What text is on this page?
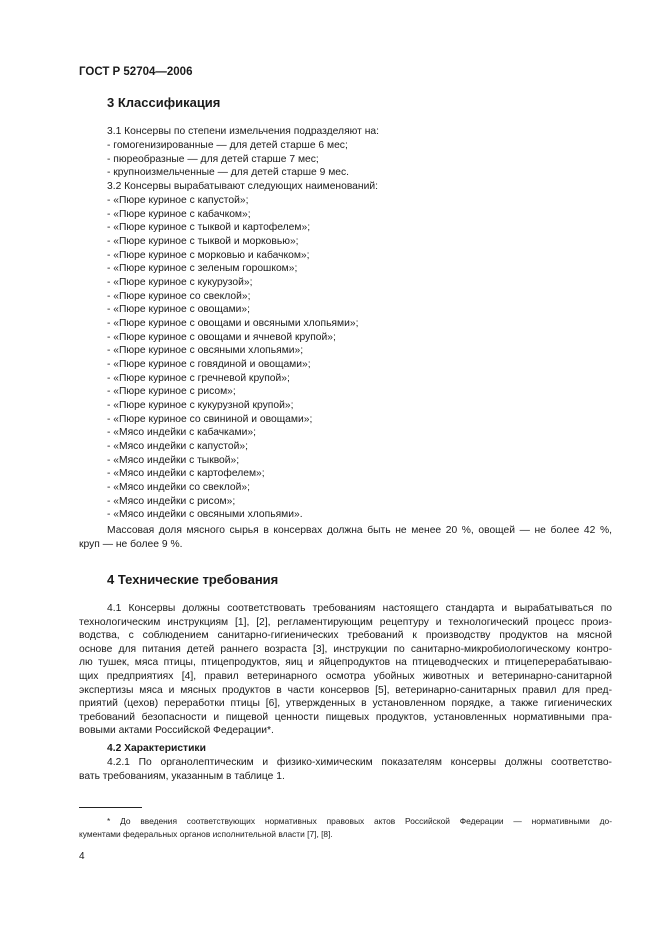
ГОСТ Р 52704—2006
3 Классификация
3.1 Консервы по степени измельчения подразделяют на:
- гомогенизированные — для детей старше 6 мес;
- пюреобразные — для детей старше 7 мес;
- крупноизмельченные — для детей старше 9 мес.
3.2 Консервы вырабатывают следующих наименований:
- «Пюре куриное с капустой»;
- «Пюре куриное с кабачком»;
- «Пюре куриное с тыквой и картофелем»;
- «Пюре куриное с тыквой и морковью»;
- «Пюре куриное с морковью и кабачком»;
- «Пюре куриное с зеленым горошком»;
- «Пюре куриное с кукурузой»;
- «Пюре куриное со свеклой»;
- «Пюре куриное с овощами»;
- «Пюре куриное с овощами и овсяными хлопьями»;
- «Пюре куриное с овощами и ячневой крупой»;
- «Пюре куриное с овсяными хлопьями»;
- «Пюре куриное с говядиной и овощами»;
- «Пюре куриное с гречневой крупой»;
- «Пюре куриное с рисом»;
- «Пюре куриное с кукурузной крупой»;
- «Пюре куриное со свининой и овощами»;
- «Мясо индейки с кабачками»;
- «Мясо индейки с капустой»;
- «Мясо индейки с тыквой»;
- «Мясо индейки с картофелем»;
- «Мясо индейки со свеклой»;
- «Мясо индейки с рисом»;
- «Мясо индейки с овсяными хлопьями».
Массовая доля мясного сырья в консервах должна быть не менее 20 %, овощей — не более 42 %,
круп — не более 9 %.
4 Технические требования
4.1 Консервы должны соответствовать требованиям настоящего стандарта и вырабатываться по
технологическим инструкциям [1], [2], регламентирующим рецептуру и технологический процесс произ-
водства, с соблюдением санитарно-гигиенических требований к производству продуктов на мясной
основе для питания детей раннего возраста [3], инструкции по санитарно-микробиологическому контро-
лю тушек, мяса птицы, птицепродуктов, яиц и яйцепродуктов на птицеводческих и птицеперерабатываю-
щих предприятиях [4], правил ветеринарного осмотра убойных животных и ветеринарно-санитарной
экспертизы мяса и мясных продуктов в части консервов [5], ветеринарно-санитарных правил для пред-
приятий (цехов) переработки птицы [6], утвержденных в установленном порядке, а также гигиенических
требований безопасности и пищевой ценности пищевых продуктов, установленных нормативными пра-
вовыми актами Российской Федерации*.
4.2 Характеристики
4.2.1 По органолептическим и физико-химическим показателям консервы должны соответство-
вать требованиям, указанным в таблице 1.
* До введения соответствующих нормативных правовых актов Российской Федерации — нормативными до-
кументами федеральных органов исполнительной власти [7], [8].
4
